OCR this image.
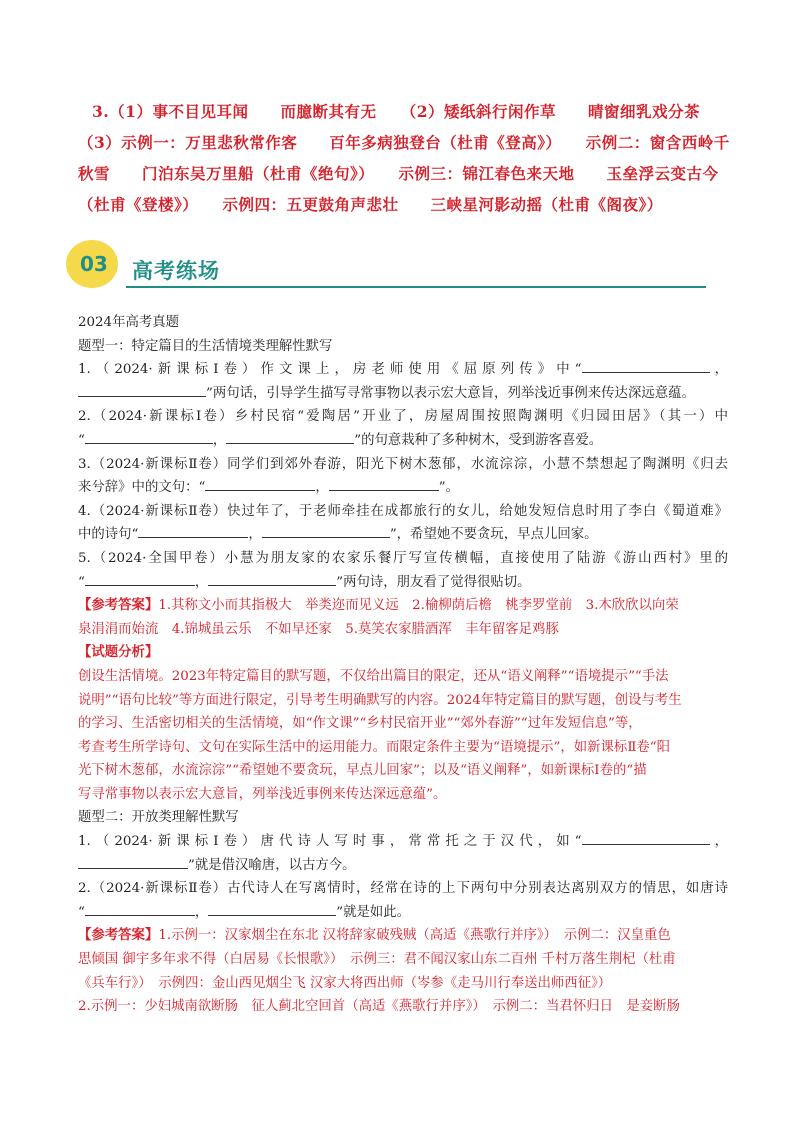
3.（1）事不目见耳闻　　而臆断其有无　　（2）矮纸斜行闲作草　　晴窗细乳戏分茶
（3）示例一：万里悲秋常作客　　百年多病独登台（杜甫《登高》）　　示例二：窗含西岭千
秋雪　　门泊东吴万里船（杜甫《绝句》）　　示例三：锦江春色来天地　　玉垒浮云变古今
（杜甫《登楼》）　　示例四：五更鼓角声悲壮　　三峡星河影动摇（杜甫《阁夜》）
03 高考练场

2024年高考真题

题型一：特定篇目的生活情境类理解性默写

1.（2024·新课标Ⅰ卷）作文课上，房老师使用《屈原列传》中“	，

”两句话，引导学生描写寻常事物以表示宏大意旨，列举浅近事例来传达深远意蕴。

2.（2024·新课标Ⅰ卷）乡村民宿“爱陶居”开业了，房屋周围按照陶渊明《归园田居》（其一）中

“	，	”的句意栽种了多种树木，受到游客喜爱。

3.（2024·新课标Ⅱ卷）同学们到郊外春游，阳光下树木葱郁，水流淙淙，小慧不禁想起了陶渊明《归去

来兮辞》中的文句：“	，	”。

4.（2024·新课标Ⅱ卷）快过年了，于老师牵挂在成都旅行的女儿，给她发短信息时用了李白《蜀道难》

中的诗句“	，	”，希望她不要贪玩，早点儿回家。

5.（2024·全国甲卷）小慧为朋友家的农家乐餐厅写宣传横幅，直接使用了陆游《游山西村》里的

“	，	”两句诗，朋友看了觉得很贴切。

【参考答案】1.其称文小而其指极大　举类迩而见义远　2.榆柳荫后檐　桃李罗堂前　3.木欣欣以向荣

泉涓涓而始流　4.锦城虽云乐　不如早还家　5.莫笑农家腊酒浑　丰年留客足鸡豚

【试题分析】

创设生活情境。2023年特定篇目的默写题，不仅给出篇目的限定，还从“语义阐释”“语境提示”“手法

说明”“语句比较”等方面进行限定，引导考生明确默写的内容。2024年特定篇目的默写题，创设与考生

的学习、生活密切相关的生活情境，如“作文课”“乡村民宿开业”“郊外春游”“过年发短信息”等，

考查考生所学诗句、文句在实际生活中的运用能力。而限定条件主要为“语境提示”，如新课标Ⅱ卷“阳

光下树木葱郁，水流淙淙”“希望她不要贪玩，早点儿回家”；以及“语义阐释”，如新课标Ⅰ卷的“描

写寻常事物以表示宏大意旨，列举浅近事例来传达深远意蕴”。

题型二：开放类理解性默写

1.（2024·新课标Ⅰ卷）唐代诗人写时事，常常托之于汉代，如“	，

”就是借汉喻唐，以古方今。

2.（2024·新课标Ⅱ卷）古代诗人在写离情时，经常在诗的上下两句中分别表达离别双方的情思，如唐诗

“	，	”就是如此。

【参考答案】1.示例一：汉家烟尘在东北 汉将辞家破残贼（高适《燕歌行并序》）　示例二：汉皇重色

思倾国 御宇多年求不得（白居易《长恨歌》）　示例三：君不闻汉家山东二百州 千村万落生荆杞（杜甫

《兵车行》）　示例四：金山西见烟尘飞 汉家大将西出师（岑参《走马川行奉送出师西征》）

2.示例一：少妇城南欲断肠　征人蓟北空回首（高适《燕歌行并序》）　示例二：当君怀归日　是妾断肠
